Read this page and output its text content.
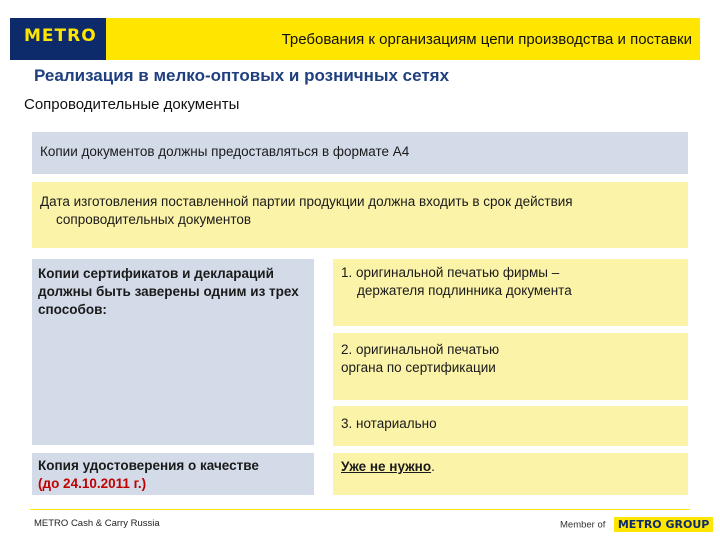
METRO	Требования к организациям цепи производства и поставки
Реализация в мелко-оптовых и розничных сетях
Сопроводительные документы
Копии документов должны предоставляться в формате А4
Дата изготовления поставленной партии продукции должна входить в срок действия
сопроводительных документов
Копии сертификатов и деклараций должны быть заверены одним из трех способов:
Копия удостоверения о качестве
(до 24.10.2011 г.)
1. оригинальной печатью фирмы –
держателя подлинника документа
2. оригинальной печатью
органа по сертификации
3. нотариально
Уже не нужно.
METRO Cash & Carry Russia	Member of METRO GROUP
